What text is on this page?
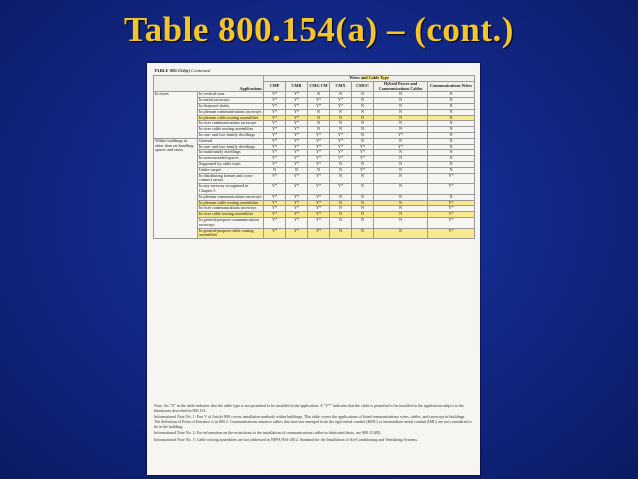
Table 800.154(a) – (cont.)
TABLE 800.154(a) Continued
Applications		Wires and Cable Type						
		CMP	CMR	CMG CM	CMX	CMUC	Hybrid Power and Communications Cables	Communications Wires
In risers	In vertical runs	Y*	Y*	N	N	N	N	N
	In metal raceways	Y*	Y*	Y*	Y*	N	N	N
	In fireproof shafts	Y*	Y*	Y*	Y*	N	N	N
	In plenum communications raceways	Y*	Y*	N	N	N	N	N
	In plenum cable routing assemblies	Y*	Y*	N	N	N	N	N
	In riser communications raceways	Y*	Y*	N	N	N	N	N
	In riser cable routing assemblies	Y*	Y*	N	N	N	N	N
	In one- and two-family dwellings	Y*	Y*	Y*	Y*	N	Y*	N
Within buildings in other than air-handling spaces and risers	General	Y*	Y*	Y*	Y*	N	N	N
	In one- and two-family dwellings	Y*	Y*	Y*	Y*	Y*	Y*	N
	In multifamily dwellings	Y*	Y*	Y*	Y*	Y*	N	N
	In nonconcealed spaces	Y*	Y*	Y*	Y*	Y*	N	N
	Supported by cable trays	Y*	Y*	Y*	N	N	N	N
	Under carpet	N	N	N	N	Y*	N	N
	In distributing frames and cross-connect arrays	Y*	Y*	Y*	N	N	N	Y*
	In any raceway recognized in Chapter 3	Y*	Y*	Y*	Y*	N	N	Y*
	In plenum communications raceways	Y*	Y*	Y*	N	N	N	N
	In plenum cable routing assemblies	Y*	Y*	Y*	N	N	N	Y*
	In riser communications raceways	Y*	Y*	Y*	N	N	N	Y*
	In riser cable routing assemblies	Y*	Y*	Y*	N	N	N	Y*
	In general-purpose communications raceways	Y*	Y*	Y*	N	N	N	Y*
	In general-purpose cable routing assemblies	Y*	Y*	Y*	N	N	N	Y*

Note: An "N" in the table indicates that the cable type is not permitted to be installed in the application. A "Y*" indicates that the cable is permitted to be installed in the application subject to the limitations described in 800.113.

Informational Note No. 1: Part V of Article 800 covers installation methods within buildings. This table covers the applications of listed communications wires, cables, and raceways in buildings. The definition of Point of Entrance is in 800.2. Communications entrance cables that have not emerged from the rigid metal conduit (RMC) or intermediate metal conduit (IMC) are not considered to be in the building.

Informational Note No. 2: For information on the restrictions to the installation of communications cables in fabricated ducts, see 800.113(B).

Informational Note No. 3: Cable routing assemblies are not addressed in NFPA 90A-2012, Standard for the Installation of Air-Conditioning and Ventilating Systems.
